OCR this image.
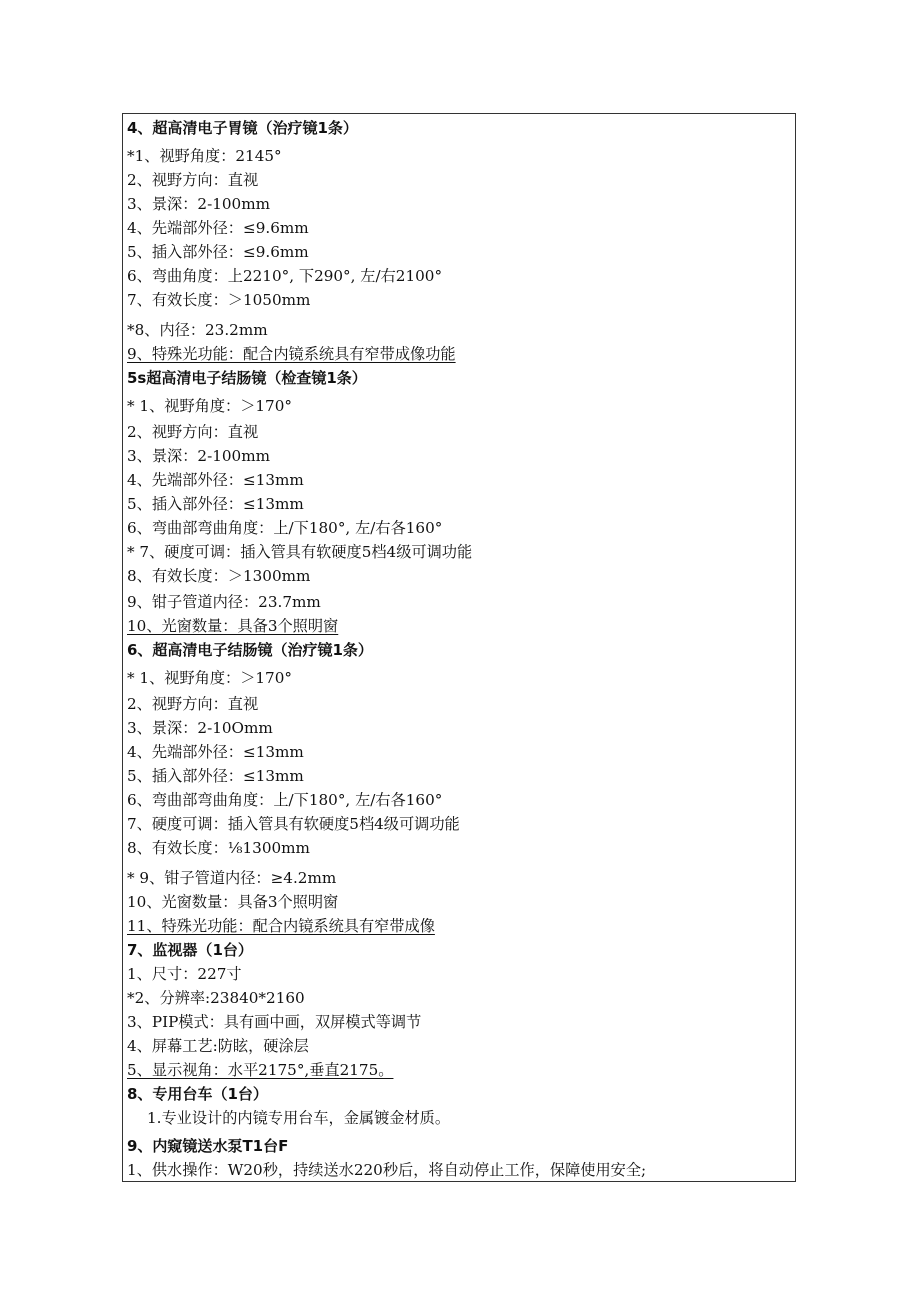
4、超高清电子胃镜（治疗镜1条）
*1、视野角度：2145°
2、视野方向：直视
3、景深：2-100mm
4、先端部外径：≤9.6mm
5、插入部外径：≤9.6mm
6、弯曲角度：上2210°, 下290°, 左/右2100°
7、有效长度：＞1050mm
*8、内径：23.2mm
9、特殊光功能：配合内镜系统具有窄带成像功能
5s超高清电子结肠镜（检查镜1条）
* 1、视野角度：＞170°
2、视野方向：直视
3、景深：2-100mm
4、先端部外径：≤13mm
5、插入部外径：≤13mm
6、弯曲部弯曲角度：上/下180°, 左/右各160°
* 7、硬度可调：插入管具有软硬度5档4级可调功能
8、有效长度：＞1300mm
9、钳子管道内径：23.7mm
10、光窗数量：具备3个照明窗
6、超高清电子结肠镜（治疗镜1条）
* 1、视野角度：＞170°
2、视野方向：直视
3、景深：2-10Omm
4、先端部外径：≤13mm
5、插入部外径：≤13mm
6、弯曲部弯曲角度：上/下180°, 左/右各160°
7、硬度可调：插入管具有软硬度5档4级可调功能
8、有效长度：⅛1300mm
* 9、钳子管道内径：≥4.2mm
10、光窗数量：具备3个照明窗
11、特殊光功能：配合内镜系统具有窄带成像
7、监视器（1台）
1、尺寸：227寸
*2、分辨率:23840*2160
3、PIP模式：具有画中画，双屏模式等调节
4、屏幕工艺:防眩，硬涂层
5、显示视角：水平2175°,垂直2175。
8、专用台车（1台）
1.专业设计的内镜专用台车，金属镀金材质。
9、内窥镜送水泵T1台F
1、供水操作：W20秒，持续送水220秒后，将自动停止工作，保障使用安全;
